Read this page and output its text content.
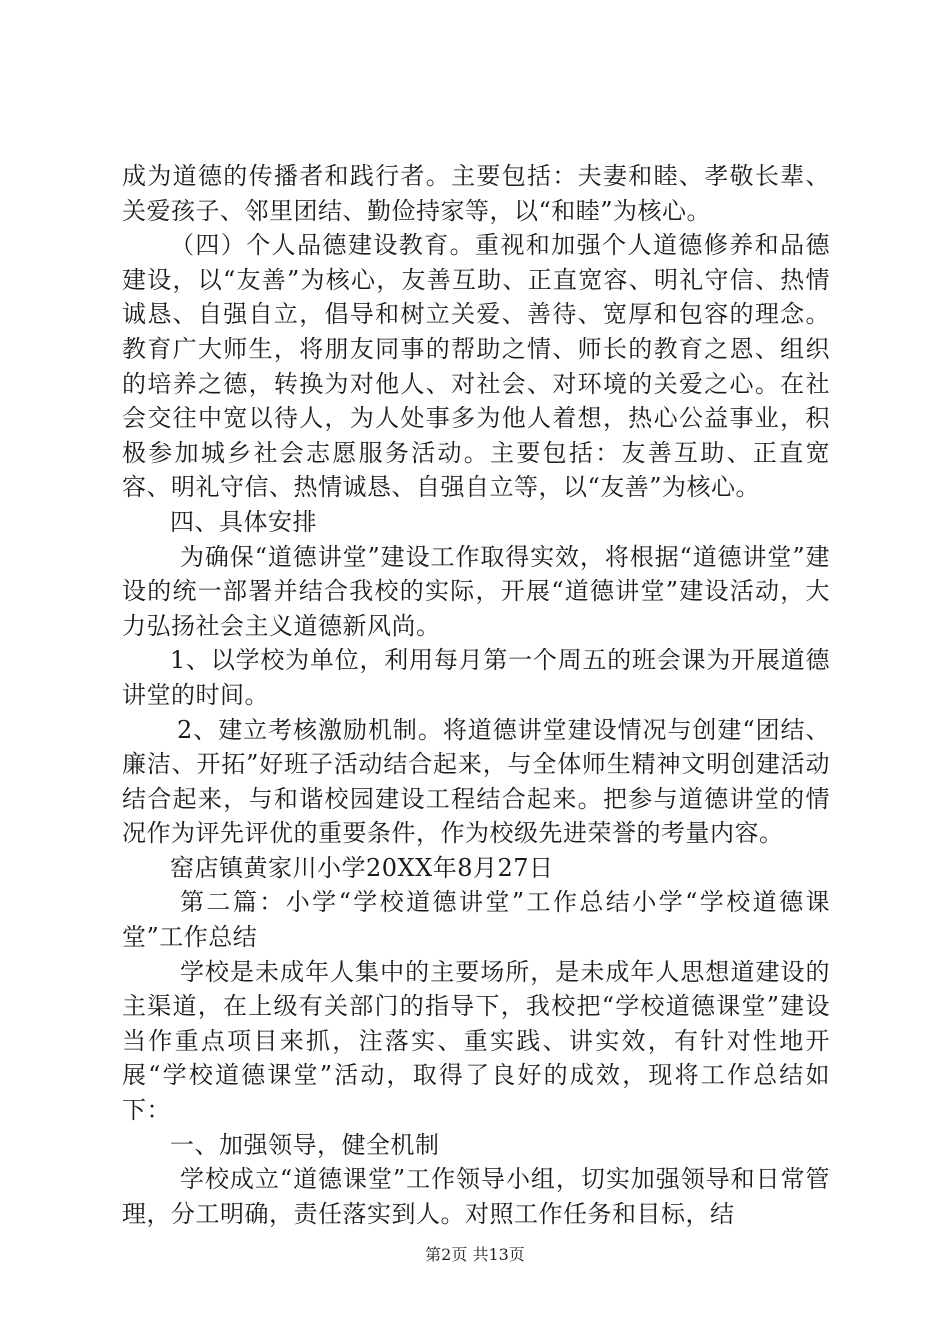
成为道德的传播者和践行者。主要包括：夫妻和睦、孝敬长辈、关爱孩子、邻里团结、勤俭持家等，以“和睦”为核心。

（四）个人品德建设教育。重视和加强个人道德修养和品德建设，以“友善”为核心，友善互助、正直宽容、明礼守信、热情诚恳、自强自立，倡导和树立关爱、善待、宽厚和包容的理念。教育广大师生，将朋友同事的帮助之情、师长的教育之恩、组织的培养之德，转换为对他人、对社会、对环境的关爱之心。在社会交往中宽以待人，为人处事多为他人着想，热心公益事业，积极参加城乡社会志愿服务活动。主要包括：友善互助、正直宽容、明礼守信、热情诚恳、自强自立等，以“友善”为核心。

四、具体安排

为确保“道德讲堂”建设工作取得实效，将根据“道德讲堂”建设的统一部署并结合我校的实际，开展“道德讲堂”建设活动，大力弘扬社会主义道德新风尚。

1、以学校为单位，利用每月第一个周五的班会课为开展道德讲堂的时间。

2、建立考核激励机制。将道德讲堂建设情况与创建“团结、廉洁、开拓”好班子活动结合起来，与全体师生精神文明创建活动结合起来，与和谐校园建设工程结合起来。把参与道德讲堂的情况作为评先评优的重要条件，作为校级先进荣誉的考量内容。

窑店镇黄家川小学20XX年8月27日

第二篇：小学“学校道德讲堂”工作总结小学“学校道德课堂”工作总结

学校是未成年人集中的主要场所，是未成年人思想道建设的主渠道，在上级有关部门的指导下，我校把“学校道德课堂”建设当作重点项目来抓，注落实、重实践、讲实效，有针对性地开展“学校道德课堂”活动，取得了良好的成效，现将工作总结如下：

一、加强领导，健全机制

学校成立“道德课堂”工作领导小组，切实加强领导和日常管理，分工明确，责任落实到人。对照工作任务和目标，结

第2页 共13页
